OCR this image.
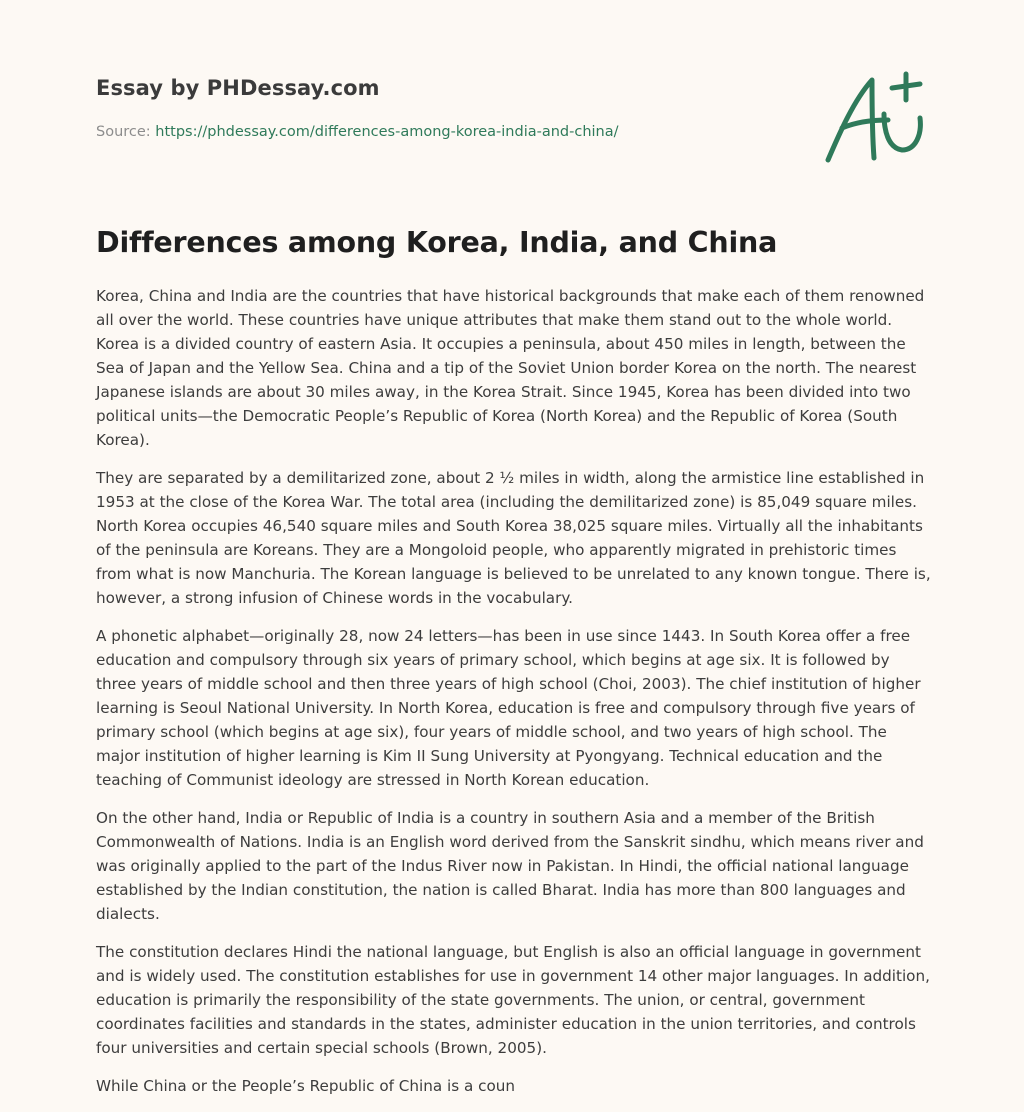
Essay by PHDessay.com
Source: https://phdessay.com/differences-among-korea-india-and-china/
Differences among Korea, India, and China

Korea, China and India are the countries that have historical backgrounds that make each of them renowned all over the world. These countries have unique attributes that make them stand out to the whole world. Korea is a divided country of eastern Asia. It occupies a peninsula, about 450 miles in length, between the Sea of Japan and the Yellow Sea. China and a tip of the Soviet Union border Korea on the north. The nearest Japanese islands are about 30 miles away, in the Korea Strait. Since 1945, Korea has been divided into two political units—the Democratic People’s Republic of Korea (North Korea) and the Republic of Korea (South Korea).

They are separated by a demilitarized zone, about 2 ½ miles in width, along the armistice line established in 1953 at the close of the Korea War. The total area (including the demilitarized zone) is 85,049 square miles. North Korea occupies 46,540 square miles and South Korea 38,025 square miles. Virtually all the inhabitants of the peninsula are Koreans. They are a Mongoloid people, who apparently migrated in prehistoric times from what is now Manchuria. The Korean language is believed to be unrelated to any known tongue. There is, however, a strong infusion of Chinese words in the vocabulary.

A phonetic alphabet—originally 28, now 24 letters—has been in use since 1443. In South Korea offer a free education and compulsory through six years of primary school, which begins at age six. It is followed by three years of middle school and then three years of high school (Choi, 2003). The chief institution of higher learning is Seoul National University. In North Korea, education is free and compulsory through five years of primary school (which begins at age six), four years of middle school, and two years of high school. The major institution of higher learning is Kim II Sung University at Pyongyang. Technical education and the teaching of Communist ideology are stressed in North Korean education.

On the other hand, India or Republic of India is a country in southern Asia and a member of the British Commonwealth of Nations. India is an English word derived from the Sanskrit sindhu, which means river and was originally applied to the part of the Indus River now in Pakistan. In Hindi, the official national language established by the Indian constitution, the nation is called Bharat. India has more than 800 languages and dialects.

The constitution declares Hindi the national language, but English is also an official language in government and is widely used. The constitution establishes for use in government 14 other major languages. In addition, education is primarily the responsibility of the state governments. The union, or central, government coordinates facilities and standards in the states, administer education in the union territories, and controls four universities and certain special schools (Brown, 2005).

While China or the People’s Republic of China is a coun
